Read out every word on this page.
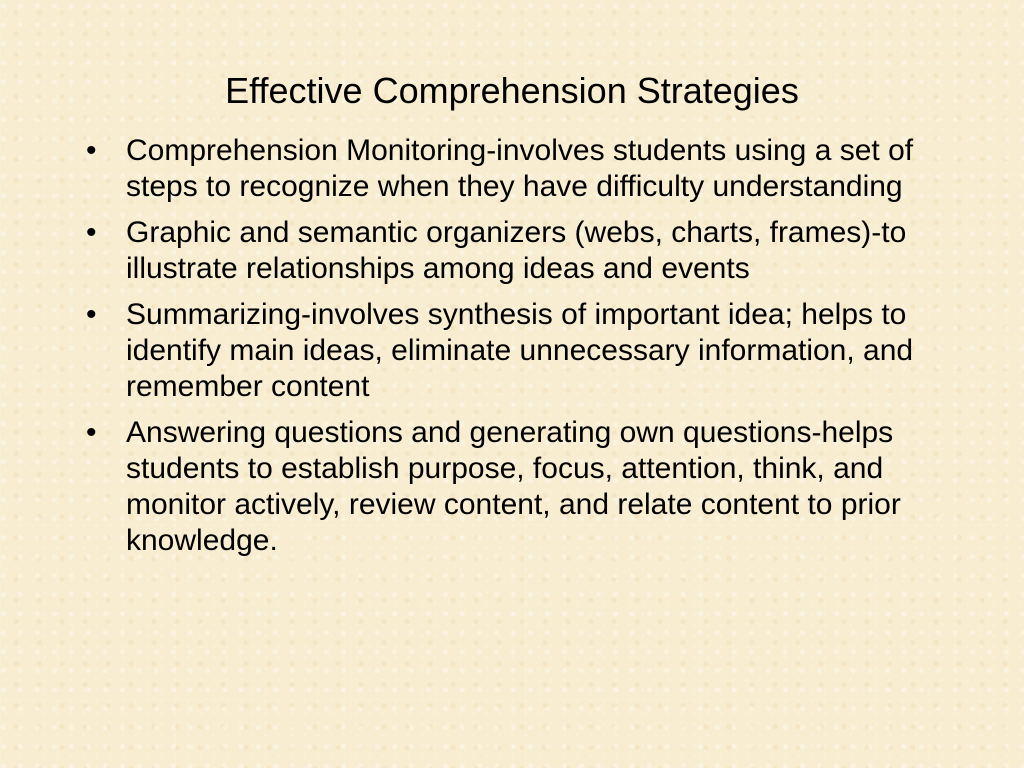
Effective Comprehension Strategies
• Comprehension Monitoring-involves students using a set of steps to recognize when they have difficulty understanding
• Graphic and semantic organizers (webs, charts, frames)-to illustrate relationships among ideas and events
• Summarizing-involves synthesis of important idea; helps to identify main ideas, eliminate unnecessary information, and remember content
• Answering questions and generating own questions-helps students to establish purpose, focus, attention, think, and monitor actively, review content, and relate content to prior knowledge.
